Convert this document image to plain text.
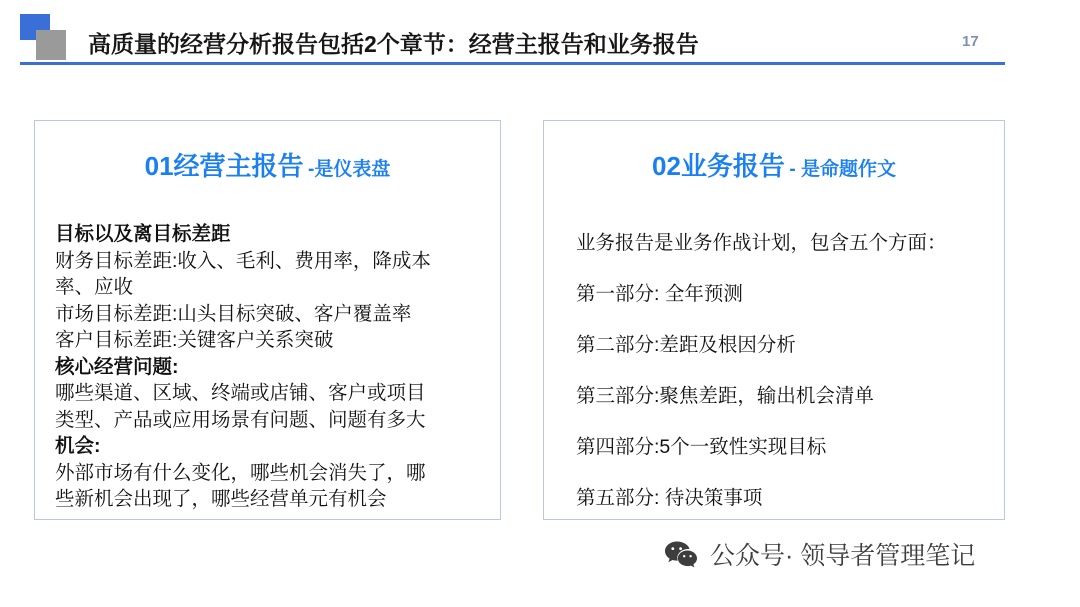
高质量的经营分析报告包括2个章节：经营主报告和业务报告	17
01经营主报告 -是仪表盘

目标以及离目标差距

财务目标差距:收入、毛利、费用率，降成本

率、应收

市场目标差距:山头目标突破、客户覆盖率

客户目标差距:关键客户关系突破

核心经营问题:

哪些渠道、区域、终端或店铺、客户或项目

类型、产品或应用场景有问题、问题有多大

机会:

外部市场有什么变化，哪些机会消失了，哪

些新机会出现了，哪些经营单元有机会

02业务报告 - 是命题作文

业务报告是业务作战计划，包含五个方面：

第一部分: 全年预测

第二部分:差距及根因分析

第三部分:聚焦差距，输出机会清单

第四部分:5个一致性实现目标

第五部分: 待决策事项

公众号· 领导者管理笔记
